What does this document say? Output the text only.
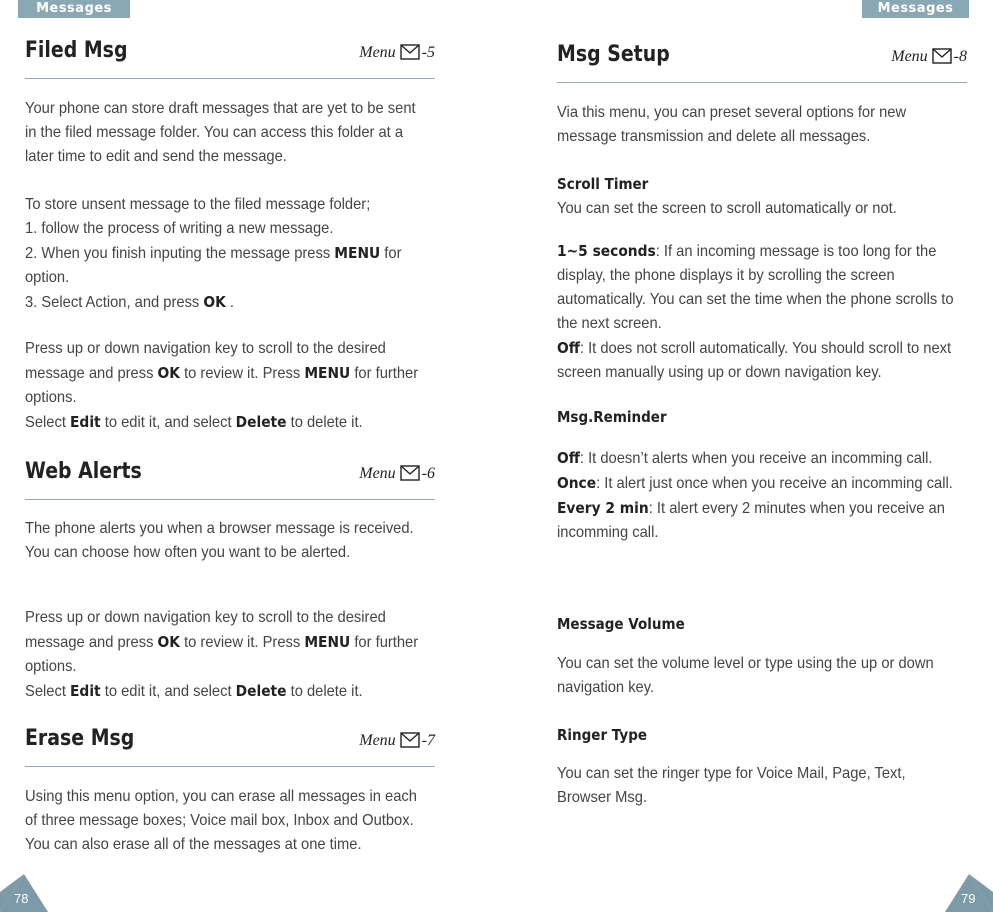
Messages	Messages
Filed Msg	Menu -5
Your phone can store draft messages that are yet to be sent in the filed message folder. You can access this folder at a later time to edit and send the message.
To store unsent message to the filed message folder;
1. follow the process of writing a new message.
2. When you finish inputing the message press MENU for option.
3. Select Action, and press OK .
Press up or down navigation key to scroll to the desired message and press OK to review it. Press MENU for further options.
Select Edit to edit it, and select Delete to delete it.
Web Alerts	Menu -6
The phone alerts you when a browser message is received. You can choose how often you want to be alerted.
Press up or down navigation key to scroll to the desired message and press OK to review it. Press MENU for further options.
Select Edit to edit it, and select Delete to delete it.
Erase Msg	Menu -7
Using this menu option, you can erase all messages in each of three message boxes; Voice mail box, Inbox and Outbox.
You can also erase all of the messages at one time.
Msg Setup	Menu -8
Via this menu, you can preset several options for new message transmission and delete all messages.
Scroll Timer
You can set the screen to scroll automatically or not.
1~5 seconds: If an incoming message is too long for the display, the phone displays it by scrolling the screen automatically. You can set the time when the phone scrolls to the next screen.
Off: It does not scroll automatically. You should scroll to next screen manually using up or down navigation key.
Msg.Reminder
Off: It doesn’t alerts when you receive an incomming call.
Once: It alert just once when you receive an incomming call.
Every 2 min: It alert every 2 minutes when you receive an incomming call.
Message Volume
You can set the volume level or type using the up or down navigation key.
Ringer Type
You can set the ringer type for Voice Mail, Page, Text, Browser Msg.
78	79
